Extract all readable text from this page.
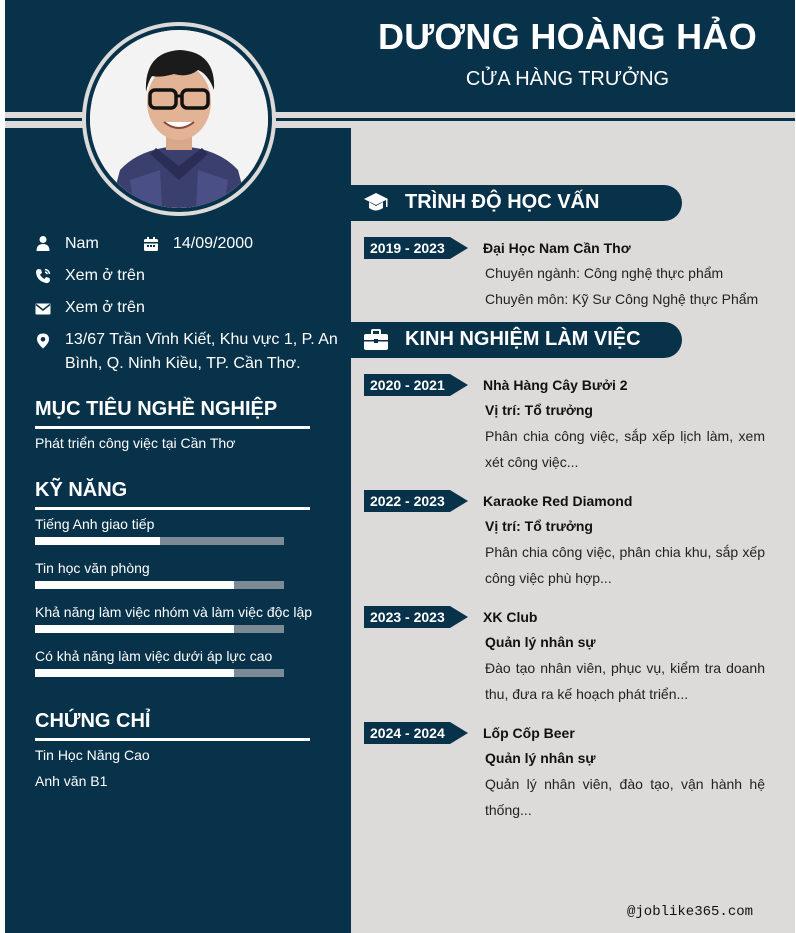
DƯƠNG HOÀNG HẢO
CỬA HÀNG TRƯỞNG
Nam	14/09/2000
Xem ở trên
Xem ở trên
13/67 Trần Vĩnh Kiết, Khu vực 1, P. An
Bình, Q. Ninh Kiều, TP. Cần Thơ.
MỤC TIÊU NGHỀ NGHIỆP
Phát triển công việc tại Cần Thơ
KỸ NĂNG
Tiếng Anh giao tiếp
Tin học văn phòng
Khả năng làm việc nhóm và làm việc độc lập
Có khả năng làm việc dưới áp lực cao
CHỨNG CHỈ
Tin Học Năng Cao
Anh văn B1
TRÌNH ĐỘ HỌC VẤN
2019 - 2023	Đại Học Nam Cần Thơ
Chuyên ngành: Công nghệ thực phẩm
Chuyên môn: Kỹ Sư Công Nghệ thực Phẩm
KINH NGHIỆM LÀM VIỆC
2020 - 2021	Nhà Hàng Cây Bưởi 2
Vị trí: Tổ trưởng
Phân chia công việc, sắp xếp lịch làm, xem
xét công việc...
2022 - 2023	Karaoke Red Diamond
Vị trí: Tổ trưởng
Phân chia công việc, phân chia khu, sắp xếp
công việc phù hợp...
2023 - 2023	XK Club
Quản lý nhân sự
Đào tạo nhân viên, phục vụ, kiểm tra doanh
thu, đưa ra kế hoạch phát triển...
2024 - 2024	Lốp Cốp Beer
Quản lý nhân sự
Quản lý nhân viên, đào tạo, vận hành hệ
thống...
@joblike365.com
